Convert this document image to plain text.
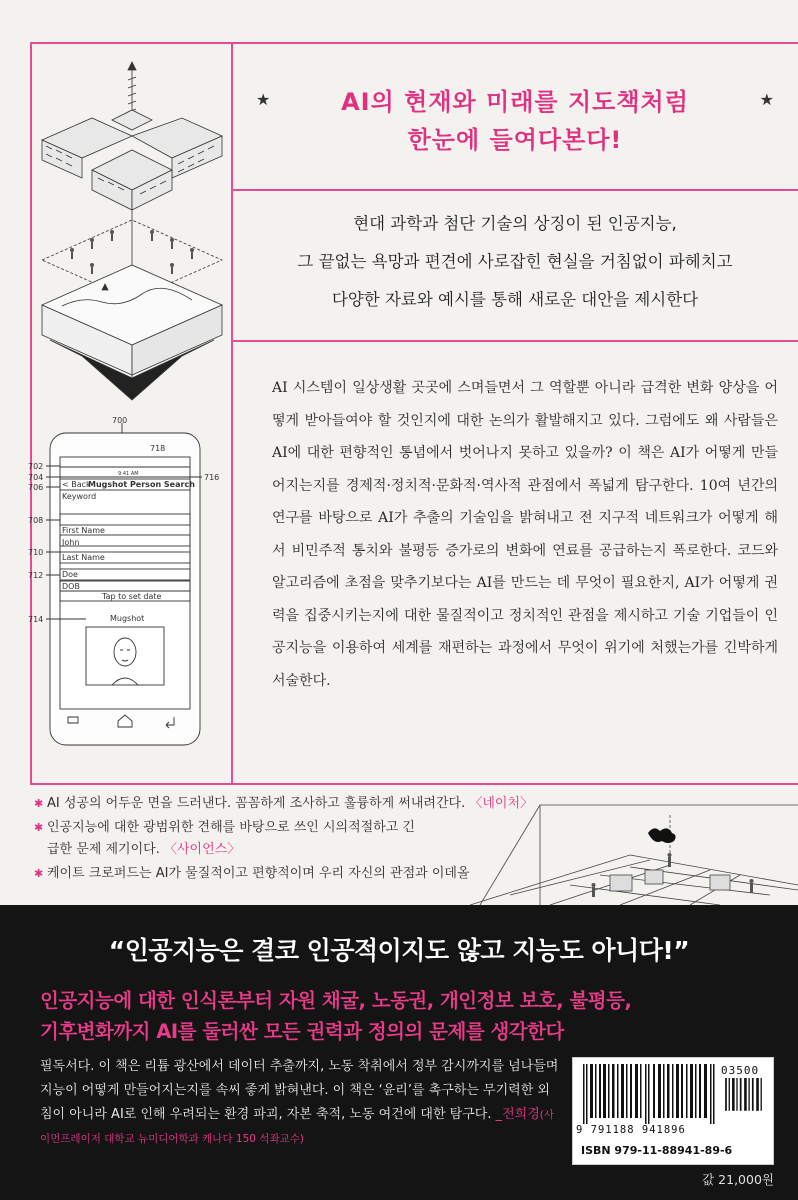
★	AI의 현재와 미래를 지도책처럼	★
한눈에 들여다본다!
현대 과학과 첨단 기술의 상징이 된 인공지능,
그 끝없는 욕망과 편견에 사로잡힌 현실을 거침없이 파헤치고
다양한 자료와 예시를 통해 새로운 대안을 제시한다
AI 시스템이 일상생활 곳곳에 스며들면서 그 역할뿐 아니라 급격한 변화 양상을 어떻게 받아들여야 할 것인지에 대한 논의가 활발해지고 있다. 그럼에도 왜 사람들은 AI에 대한 편향적인 통념에서 벗어나지 못하고 있을까? 이 책은 AI가 어떻게 만들어지는지를 경제적·정치적·문화적·역사적 관점에서 폭넓게 탐구한다. 10여 년간의 연구를 바탕으로 AI가 추출의 기술임을 밝혀내고 전 지구적 네트워크가 어떻게 해서 비민주적 통치와 불평등 증가로의 변화에 연료를 공급하는지 폭로한다. 코드와 알고리즘에 초점을 맞추기보다는 AI를 만드는 데 무엇이 필요한지, AI가 어떻게 권력을 집중시키는지에 대한 물질적이고 정치적인 관점을 제시하고 기술 기업들이 인공지능을 이용하여 세계를 재편하는 과정에서 무엇이 위기에 처했는가를 긴박하게 서술한다.
700
718
702
704
706
708
710
712
714
716
9:41 AM
< Back
Mugshot Person Search
Keyword
First Name
John
Last Name
Doe
DOB
Tap to set date
Mugshot
✱ AI 성공의 어두운 면을 드러낸다. 꼼꼼하게 조사하고 훌륭하게 써내려간다. 〈네이처〉
✱ 인공지능에 대한 광범위한 견해를 바탕으로 쓰인 시의적절하고 긴급한 문제 제기이다. 〈사이언스〉
✱ 케이트 크로퍼드는 AI가 물질적이고 편향적이며 우리 자신의 관점과 이데올
“인공지능은 결코 인공적이지도 않고 지능도 아니다!”
인공지능에 대한 인식론부터 자원 채굴, 노동권, 개인정보 보호, 불평등,
기후변화까지 AI를 둘러싼 모든 권력과 정의의 문제를 생각한다
필독서다. 이 책은 리튬 광산에서 데이터 추출까지, 노동 착취에서 정부 감시까지를 넘나들며 지능이 어떻게 만들어지는지를 속씨 좋게 밝혀낸다. 이 책은 ‘윤리’를 촉구하는 무기력한 외침이 아니라 AI로 인해 우려되는 환경 파괴, 자본 축적, 노동 여건에 대한 탐구다. _전희경(사이먼프레이저 대학교 뉴미디어학과 캐나다 150 석좌교수)
03500
9 791188 941896
ISBN 979-11-88941-89-6
값 21,000원
